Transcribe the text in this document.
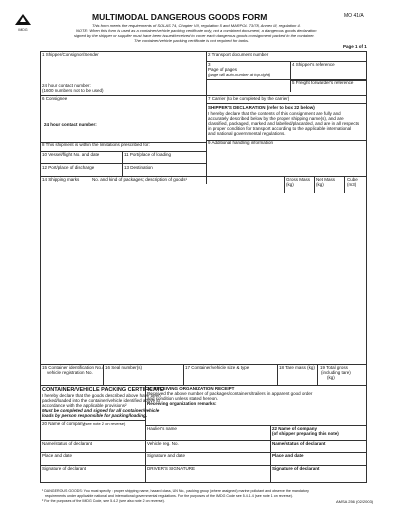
IMDG
MULTIMODAL DANGEROUS GOODS FORM	MO 41/A
This form meets the requirements of SOLAS 74, Chapter VII, regulation 5 and MARPOL 73/78, Annex III, regulation 4.
NOTE: When this form is used as a container/vehicle packing certificate only, not a combined document, a dangerous goods declaration
signed by the shipper or supplier must have been issued/received to cover each dangerous goods consignment packed in the container.
The container/vehicle packing certificate is not required for tanks.
Page 1 of 1
1 Shipper/Consignor/Sender	2 Transport document number
3
Page of pages
(page will auto-number at top-right)
4 Shipper's reference
5 Freight forwarder's reference
24 hour contact number:
(1600 numbers not to be used)
6 Consignee	7 Carrier (to be completed by the carrier)
SHIPPER'S DECLARATION (refer to box 22 below)
I hereby declare that the contents of this consignment are fully and
accurately described below by the proper shipping name(s), and are
classified, packaged, marked and labelled/placarded, and are in all respects
in proper condition for transport according to the applicable international
and national governmental regulations.
24 hour contact number:
8 This shipment is within the limitations prescribed for:	9 Additional handling information
10 Vessel/flight No. and date	11 Port/place of loading
12 Port/place of discharge	13 Destination
14 Shipping marks	No. and kind of packages; description of goods¹	Gross Mass
(kg)
Net Mass
(kg)
Cube
(m3)
15 Container identification No./
vehicle registration No.
16 Seal number(s)	17 Container/vehicle size & type	18 Tare mass (kg) 19 Total gross
(including tare)
(kg)
CONTAINER/VEHICLE PACKING CERTIFICATE
I hereby declare that the goods described above have been
packed/loaded into the container/vehicle identified above in
accordance with the applicable provisions²
Must be completed and signed for all container/vehicle
loads by person responsible for packing/loading.
21 RECEIVING ORGANIZATION RECEIPT
Received the above number of packages/containers/trailers in apparent good order
and condition unless stated hereon.
Receiving organization remarks:
20 Name of company (see note 2 on reverse)
Haulier's name	22 Name of company
(of shipper preparing this note)
Name/status of declarant	Vehicle reg. No.	Name/status of declarant
Place and date	Signature and date	Place and date
Signature of declarant	DRIVER'S SIGNATURE	Signature of declarant
¹ DANGEROUS GOODS: You must specify : proper shipping name, hazard class, UN No., packing group (where assigned) marine pollutant and observe the mandatory
requirements under applicable national and international governmental regulations. For the purposes of the IMDG Code see 5.4.1.4 (see note 1 on reverse).
² For the purposes of the IMDG Code, see 5.4.2 (see also note 2 on reverse).	AMSA 256 (02/2003)
